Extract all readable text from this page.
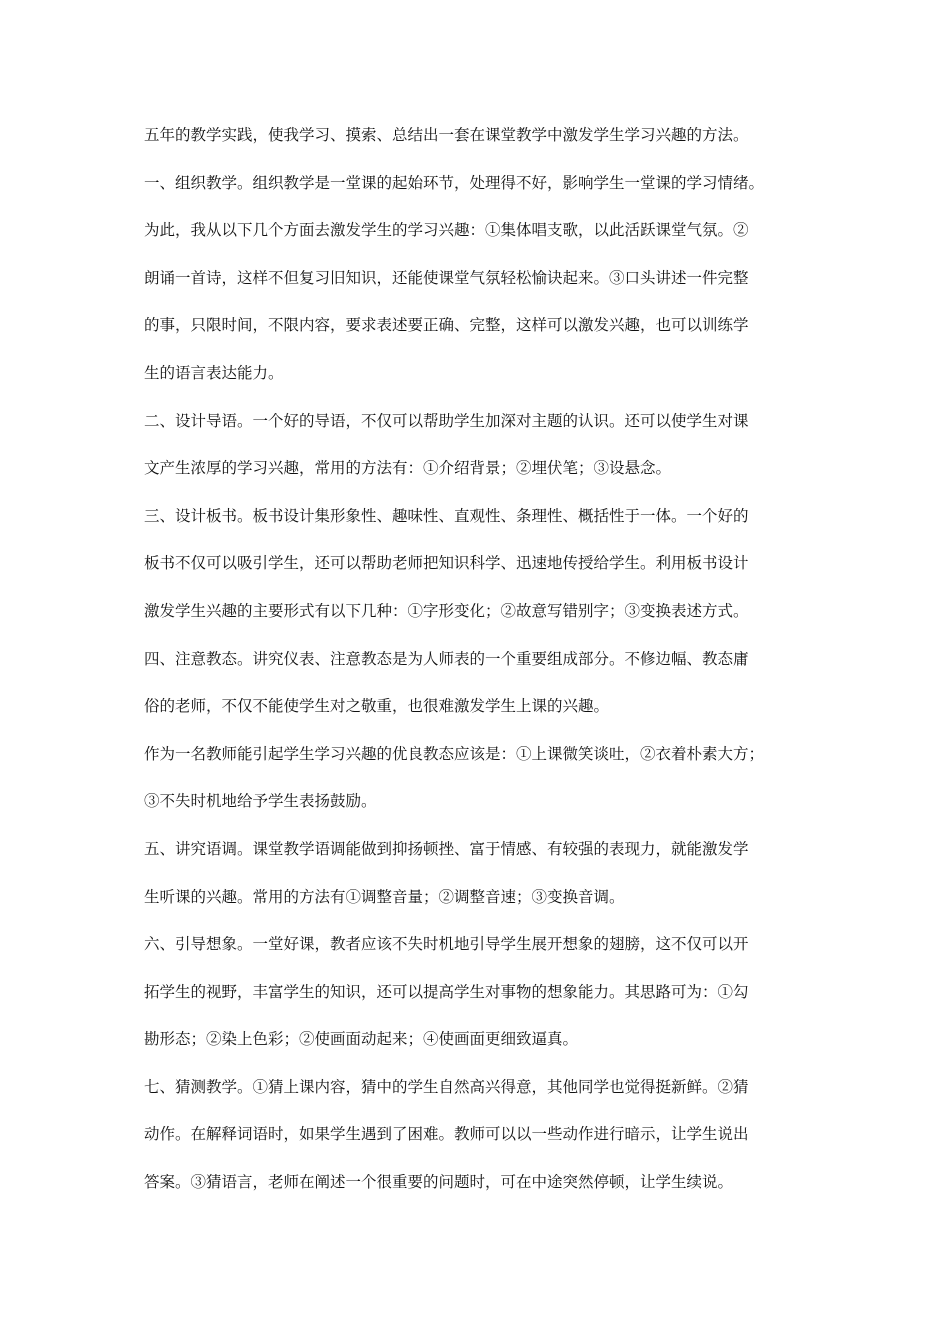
五年的教学实践，使我学习、摸索、总结出一套在课堂教学中激发学生学习兴趣的方法。
一、组织教学。组织教学是一堂课的起始环节，处理得不好，影响学生一堂课的学习情绪。
为此，我从以下几个方面去激发学生的学习兴趣：①集体唱支歌，以此活跃课堂气氛。②
朗诵一首诗，这样不但复习旧知识，还能使课堂气氛轻松愉诀起来。③口头讲述一件完整
的事，只限时间，不限内容，要求表述要正确、完整，这样可以激发兴趣，也可以训练学
生的语言表达能力。
二、设计导语。一个好的导语，不仅可以帮助学生加深对主题的认识。还可以使学生对课
文产生浓厚的学习兴趣，常用的方法有：①介绍背景；②埋伏笔；③设悬念。
三、设计板书。板书设计集形象性、趣味性、直观性、条理性、概括性于一体。一个好的
板书不仅可以吸引学生，还可以帮助老师把知识科学、迅速地传授给学生。利用板书设计
激发学生兴趣的主要形式有以下几种：①字形变化；②故意写错别字；③变换表述方式。
四、注意教态。讲究仪表、注意教态是为人师表的一个重要组成部分。不修边幅、教态庸
俗的老师，不仅不能使学生对之敬重，也很难激发学生上课的兴趣。
作为一名教师能引起学生学习兴趣的优良教态应该是：①上课微笑谈吐，②衣着朴素大方；
③不失时机地给予学生表扬鼓励。
五、讲究语调。课堂教学语调能做到抑扬顿挫、富于情感、有较强的表现力，就能激发学
生听课的兴趣。常用的方法有①调整音量；②调整音速；③变换音调。
六、引导想象。一堂好课，教者应该不失时机地引导学生展开想象的翅膀，这不仅可以开
拓学生的视野，丰富学生的知识，还可以提高学生对事物的想象能力。其思路可为：①勾
勘形态；②染上色彩；②使画面动起来；④使画面更细致逼真。
七、猜测教学。①猜上课内容，猜中的学生自然高兴得意，其他同学也觉得挺新鲜。②猜
动作。在解释词语时，如果学生遇到了困难。教师可以以一些动作进行暗示，让学生说出
答案。③猜语言，老师在阐述一个很重要的问题时，可在中途突然停顿，让学生续说。
